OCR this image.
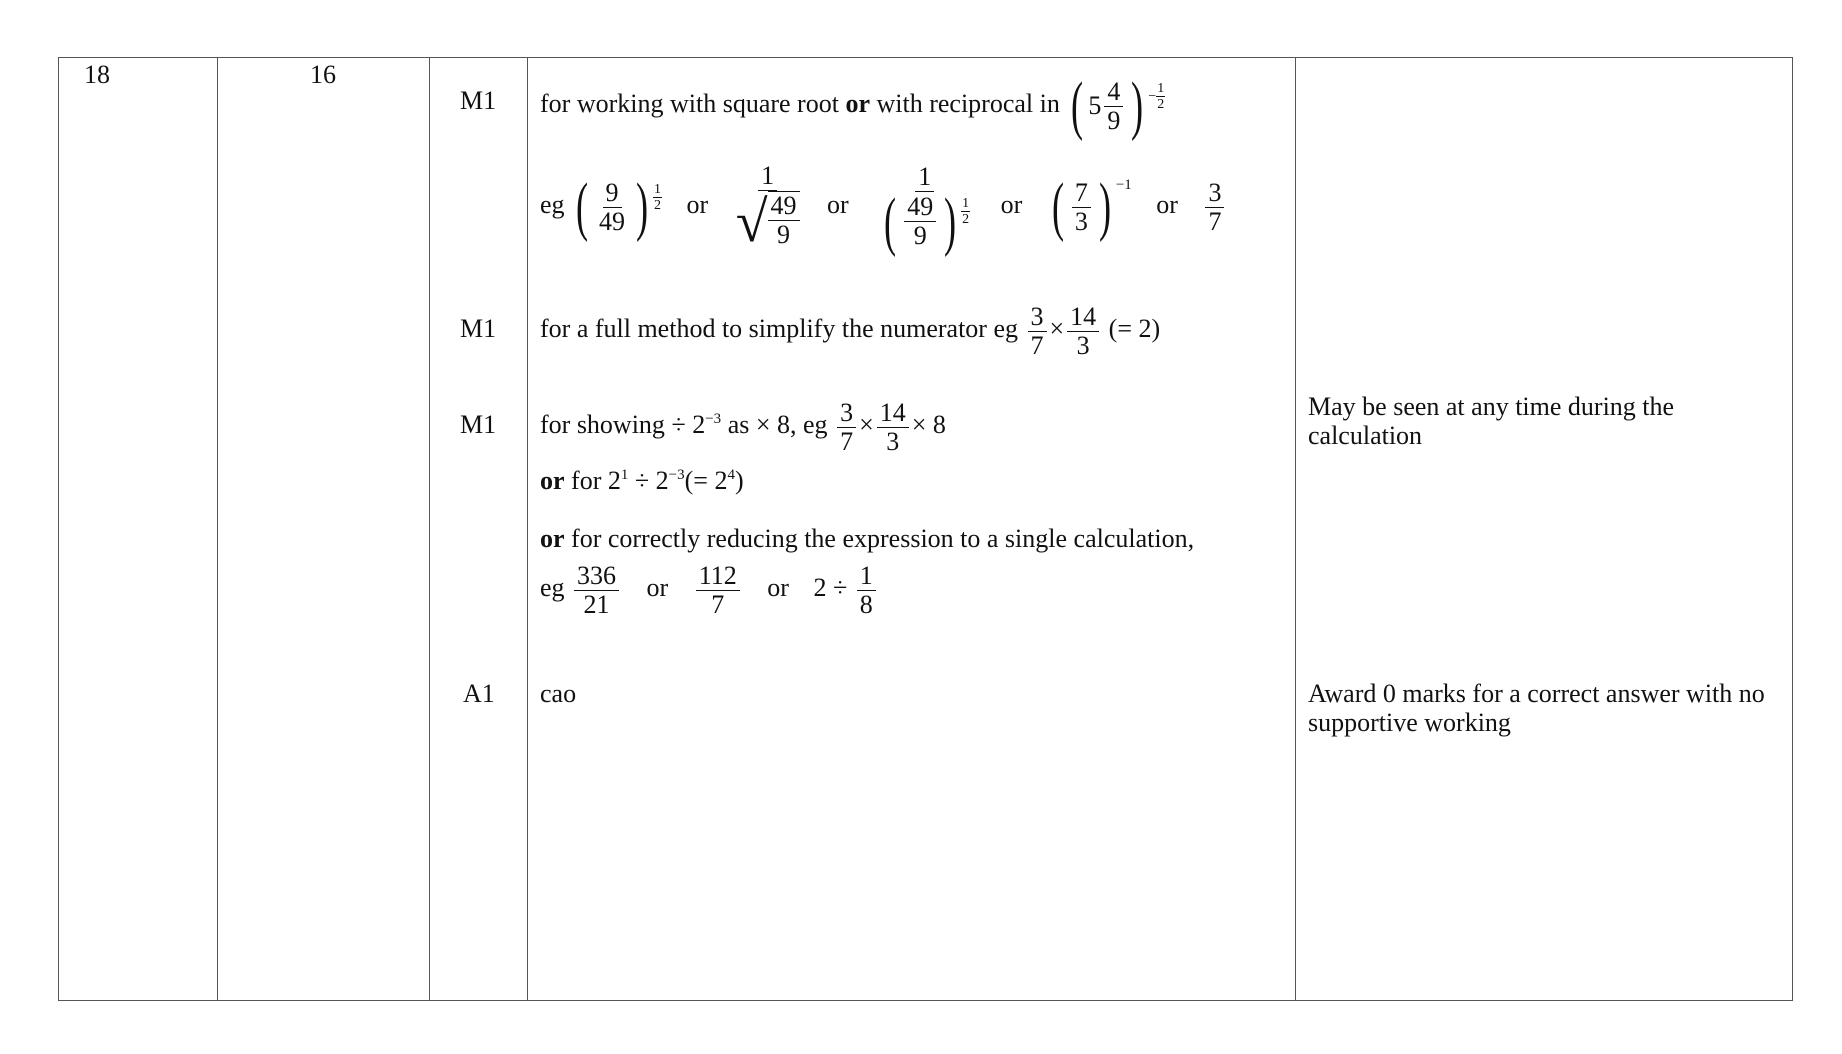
18	16
M1
M1
M1
A1
for working with square root or with reciprocal in ( 5 4
9 ) − $\frac{1}{2}$
eg ( 9
49 ) 1
2 or 1
√ 49
9 or 1
( 49
9 ) 1
2 or ( 7
3 ) $^{-1}$
or $\frac{3}{7}$
for a full method to simplify the numerator eg $\frac{3}{7} \times \frac{14}{3}$ (= 2)
for showing ÷ $2^{-3}$ as × 8, eg $\frac{3}{7} \times \frac{14}{3} \times 8$
or for $2^1 \div 2^{-3}(= 2^4)$
or for correctly reducing the expression to a single calculation,
eg $\frac{336}{21}$ or $\frac{112}{7}$ or $2 \div \frac{1}{8}$
May be seen at any time during the
calculation
cao	Award 0 marks for a correct answer with no
supportive working
